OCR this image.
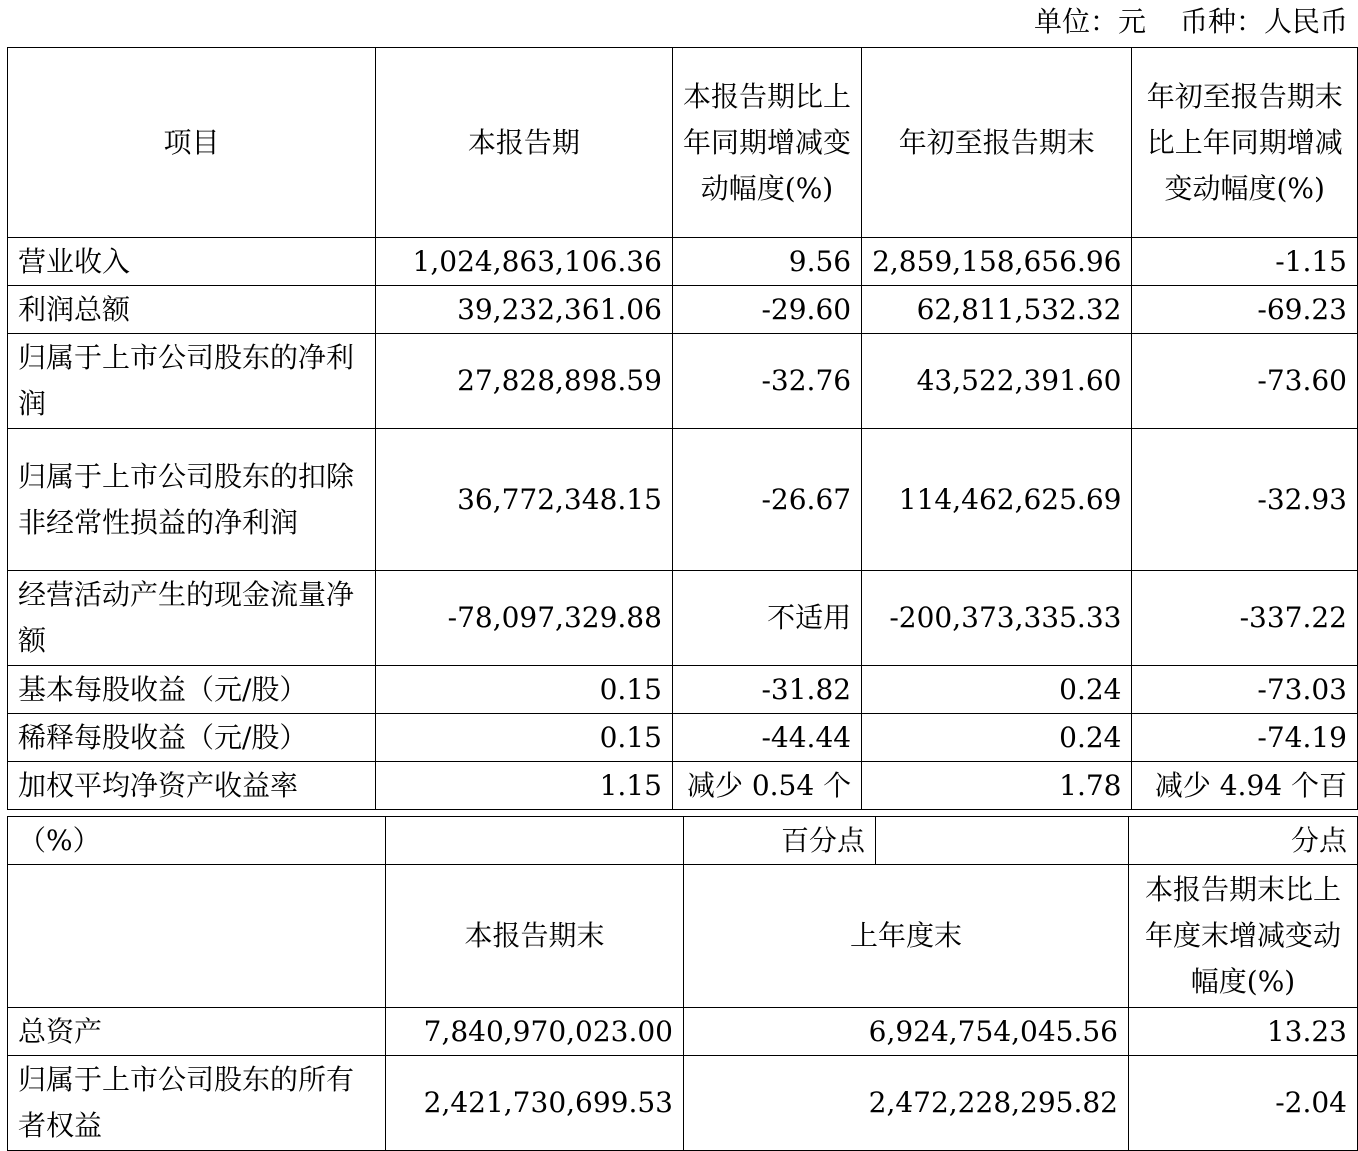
单位：元 币种：人民币
项目	本报告期	本报告期比上年同期增减变动幅度(%)	年初至报告期末	年初至报告期末比上年同期增减变动幅度(%)
营业收入	1,024,863,106.36	9.56	2,859,158,656.96	-1.15
利润总额	39,232,361.06	-29.60	62,811,532.32	-69.23
归属于上市公司股东的净利润	27,828,898.59	-32.76	43,522,391.60	-73.60
归属于上市公司股东的扣除非经常性损益的净利润	36,772,348.15	-26.67	114,462,625.69	-32.93
经营活动产生的现金流量净额	-78,097,329.88	不适用	-200,373,335.33	-337.22
基本每股收益（元/股）	0.15	-31.82	0.24	-73.03
稀释每股收益（元/股）	0.15	-44.44	0.24	-74.19
加权平均净资产收益率	1.15	减少 0.54 个	1.78	减少 4.94 个百
（%）		百分点		分点
	本报告期末	上年度末		本报告期末比上年度末增减变动幅度(%)
总资产	7,840,970,023.00	6,924,754,045.56		13.23
归属于上市公司股东的所有者权益	2,421,730,699.53	2,472,228,295.82		-2.04
